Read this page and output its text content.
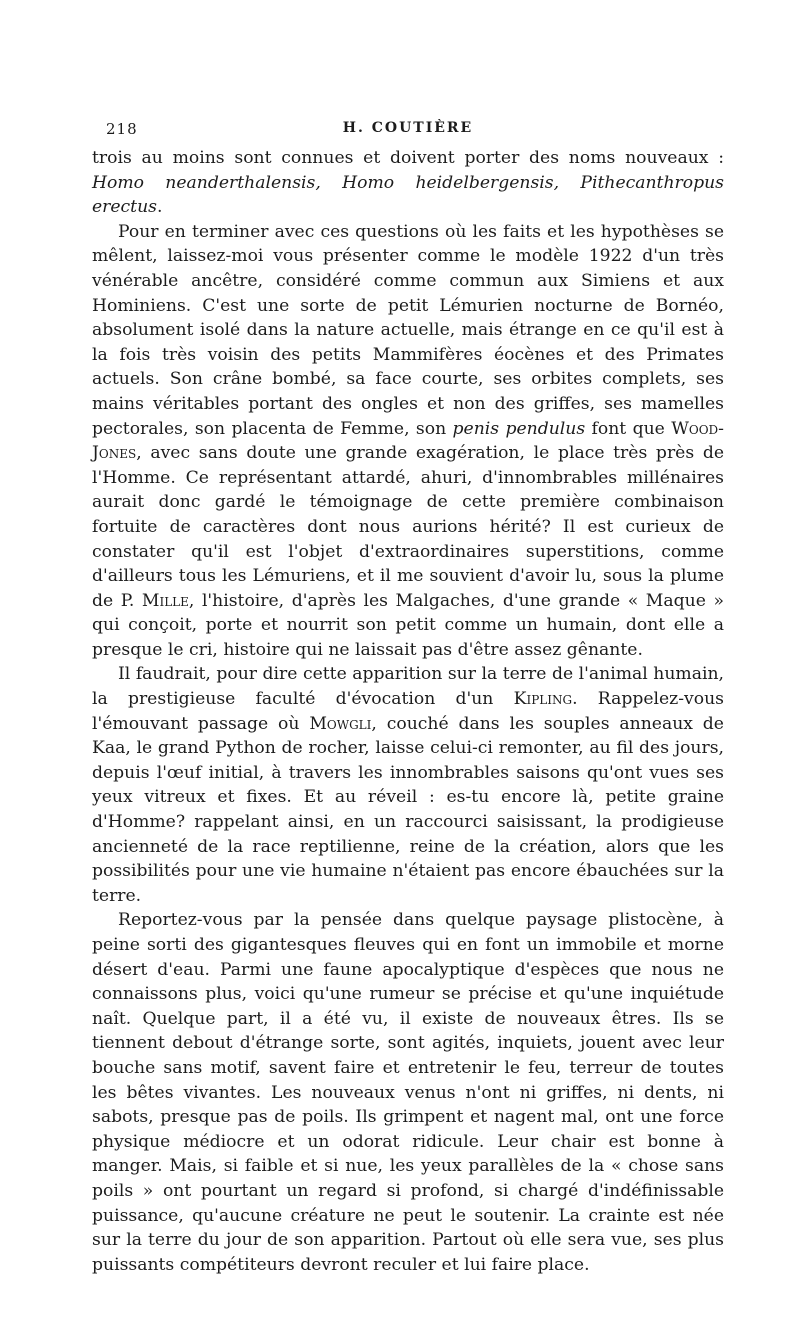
218	H. COUTIÈRE

trois au moins sont connues et doivent porter des noms nouveaux : Homo neanderthalensis, Homo heidelbergensis, Pithecanthropus erectus.

Pour en terminer avec ces questions où les faits et les hypothèses se mêlent, laissez-moi vous présenter comme le modèle 1922 d'un très vénérable ancêtre, considéré comme commun aux Simiens et aux Hominiens. C'est une sorte de petit Lémurien nocturne de Bornéo, absolument isolé dans la nature actuelle, mais étrange en ce qu'il est à la fois très voisin des petits Mammifères éocènes et des Primates actuels. Son crâne bombé, sa face courte, ses orbites complets, ses mains véritables portant des ongles et non des griffes, ses mamelles pectorales, son placenta de Femme, son penis pendulus font que Wood-Jones, avec sans doute une grande exagération, le place très près de l'Homme. Ce représentant attardé, ahuri, d'innombrables millénaires aurait donc gardé le témoignage de cette première combinaison fortuite de caractères dont nous aurions hérité? Il est curieux de constater qu'il est l'objet d'extraordinaires superstitions, comme d'ailleurs tous les Lémuriens, et il me souvient d'avoir lu, sous la plume de P. Mille, l'histoire, d'après les Malgaches, d'une grande « Maque » qui conçoit, porte et nourrit son petit comme un humain, dont elle a presque le cri, histoire qui ne laissait pas d'être assez gênante.

Il faudrait, pour dire cette apparition sur la terre de l'animal humain, la prestigieuse faculté d'évocation d'un Kipling. Rappelez-vous l'émouvant passage où Mowgli, couché dans les souples anneaux de Kaa, le grand Python de rocher, laisse celui-ci remonter, au fil des jours, depuis l'œuf initial, à travers les innombrables saisons qu'ont vues ses yeux vitreux et fixes. Et au réveil : es-tu encore là, petite graine d'Homme? rappelant ainsi, en un raccourci saisissant, la prodigieuse ancienneté de la race reptilienne, reine de la création, alors que les possibilités pour une vie humaine n'étaient pas encore ébauchées sur la terre.

Reportez-vous par la pensée dans quelque paysage plistocène, à peine sorti des gigantesques fleuves qui en font un immobile et morne désert d'eau. Parmi une faune apocalyptique d'espèces que nous ne connaissons plus, voici qu'une rumeur se précise et qu'une inquiétude naît. Quelque part, il a été vu, il existe de nouveaux êtres. Ils se tiennent debout d'étrange sorte, sont agités, inquiets, jouent avec leur bouche sans motif, savent faire et entretenir le feu, terreur de toutes les bêtes vivantes. Les nouveaux venus n'ont ni griffes, ni dents, ni sabots, presque pas de poils. Ils grimpent et nagent mal, ont une force physique médiocre et un odorat ridicule. Leur chair est bonne à manger. Mais, si faible et si nue, les yeux parallèles de la « chose sans poils » ont pourtant un regard si profond, si chargé d'indéfinissable puissance, qu'aucune créature ne peut le soutenir. La crainte est née sur la terre du jour de son apparition. Partout où elle sera vue, ses plus puissants compétiteurs devront reculer et lui faire place.
